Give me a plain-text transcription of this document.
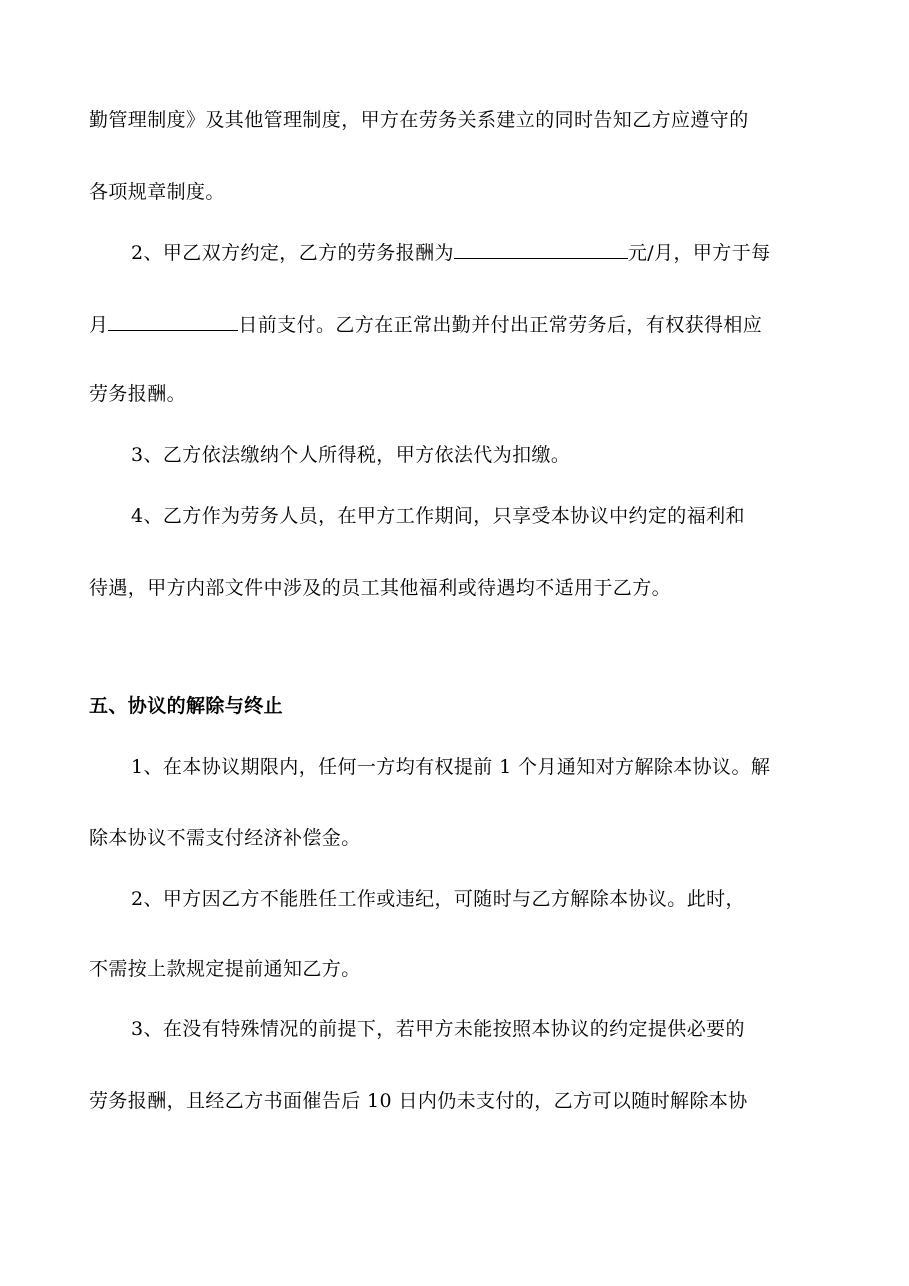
勤管理制度》及其他管理制度，甲方在劳务关系建立的同时告知乙方应遵守的
各项规章制度。
2、甲乙双方约定，乙方的劳务报酬为	元/月，甲方于每
月	日前支付。乙方在正常出勤并付出正常劳务后，有权获得相应
劳务报酬。
3、乙方依法缴纳个人所得税，甲方依法代为扣缴。
4、乙方作为劳务人员，在甲方工作期间，只享受本协议中约定的福利和
待遇，甲方内部文件中涉及的员工其他福利或待遇均不适用于乙方。
五、协议的解除与终止
1、在本协议期限内，任何一方均有权提前 1 个月通知对方解除本协议。解
除本协议不需支付经济补偿金。
2、甲方因乙方不能胜任工作或违纪，可随时与乙方解除本协议。此时，
不需按上款规定提前通知乙方。
3、在没有特殊情况的前提下，若甲方未能按照本协议的约定提供必要的
劳务报酬，且经乙方书面催告后 10 日内仍未支付的，乙方可以随时解除本协
